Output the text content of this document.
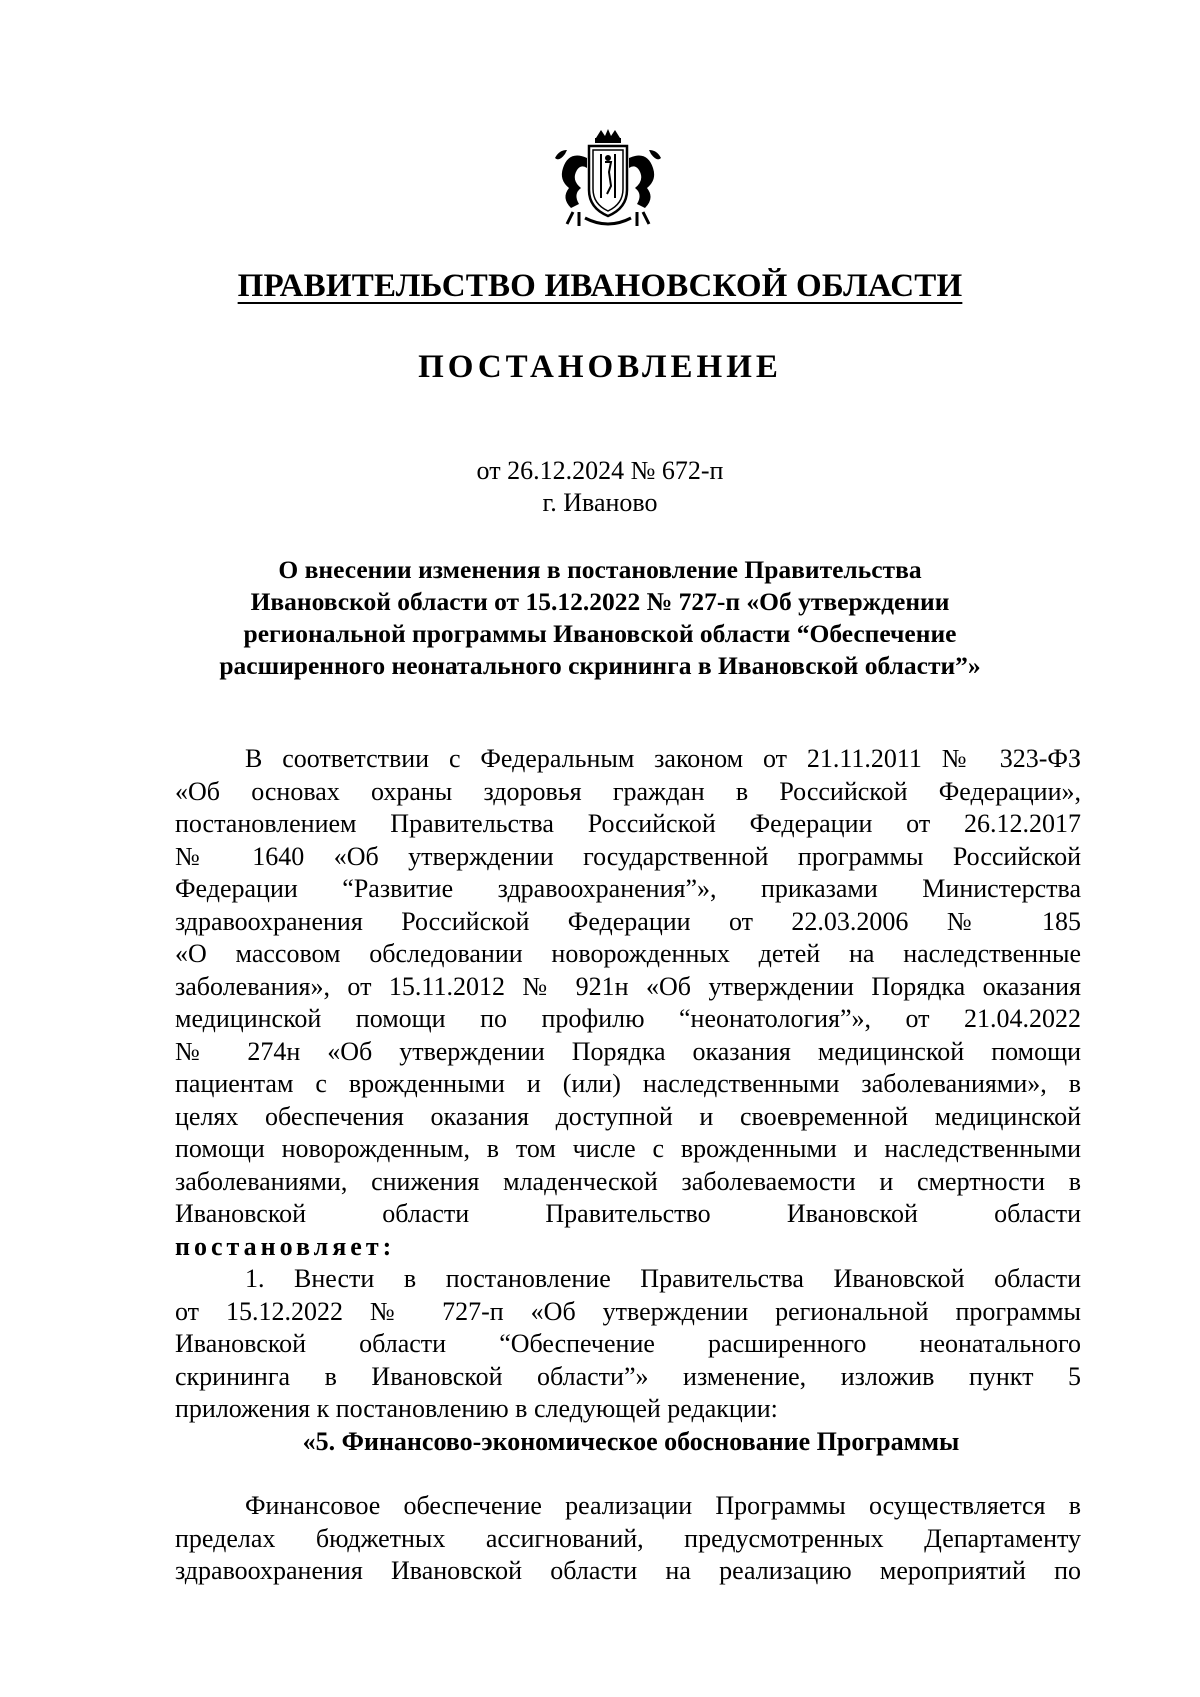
ПРАВИТЕЛЬСТВО ИВАНОВСКОЙ ОБЛАСТИ
ПОСТАНОВЛЕНИЕ
от 26.12.2024 № 672-п
г. Иваново
О внесении изменения в постановление Правительства
Ивановской области от 15.12.2022 № 727-п «Об утверждении
региональной программы Ивановской области “Обеспечение
расширенного неонатального скрининга в Ивановской области”»
В соответствии с Федеральным законом от 21.11.2011 № 323-ФЗ
«Об основах охраны здоровья граждан в Российской Федерации»,
постановлением Правительства Российской Федерации от 26.12.2017
№ 1640 «Об утверждении государственной программы Российской
Федерации “Развитие здравоохранения”», приказами Министерства
здравоохранения Российской Федерации от 22.03.2006 № 185
«О массовом обследовании новорожденных детей на наследственные
заболевания», от 15.11.2012 № 921н «Об утверждении Порядка оказания
медицинской помощи по профилю “неонатология”», от 21.04.2022
№ 274н «Об утверждении Порядка оказания медицинской помощи
пациентам с врожденными и (или) наследственными заболеваниями», в
целях обеспечения оказания доступной и своевременной медицинской
помощи новорожденным, в том числе с врожденными и наследственными
заболеваниями, снижения младенческой заболеваемости и смертности в
Ивановской области Правительство Ивановской области
постановляет:
1. Внести в постановление Правительства Ивановской области
от 15.12.2022 № 727-п «Об утверждении региональной программы
Ивановской области “Обеспечение расширенного неонатального
скрининга в Ивановской области”» изменение, изложив пункт 5
приложения к постановлению в следующей редакции:
«5. Финансово-экономическое обоснование Программы
Финансовое обеспечение реализации Программы осуществляется в
пределах бюджетных ассигнований, предусмотренных Департаменту
здравоохранения Ивановской области на реализацию мероприятий по
